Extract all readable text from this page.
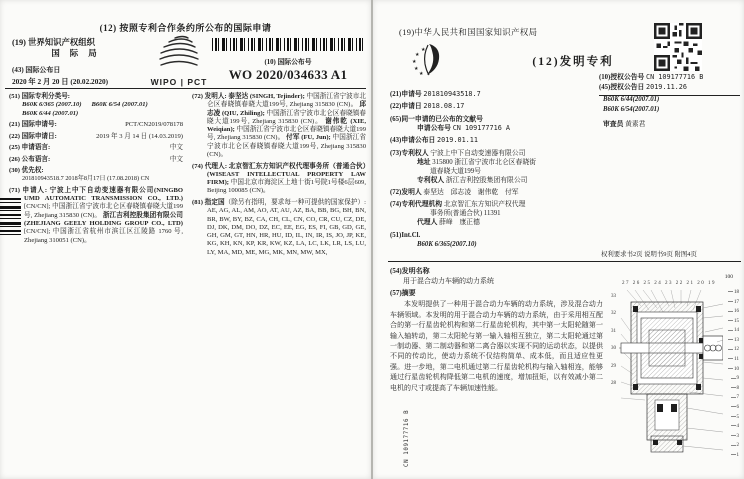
(12) 按照专利合作条约所公布的国际申请
(19) 世界知识产权组织
国 际 局
(43) 国际公布日
2020 年 2 月 20 日 (20.02.2020)	WIPO | PCT
(10) 国际公布号
WO 2020/034633 A1
(51) 国际专利分类号:
B60K 6/365 (2007.10)
B60K 6/44 (2007.01)
B60K 6/54 (2007.01)
(21) 国际申请号:	PCT/CN2019/078178
(22) 国际申请日:	2019 年 3 月 14 日 (14.03.2019)
(25) 申请语言:	中文
(26) 公布语言:	中文
(30) 优先权:
201810943518.7 2018年8月17日 (17.08.2018) CN

(71) 申请人: 宁波上中下自动变速器有限公司(NINGBO UMD AUTOMATIC TRANSMISSION CO., LTD.) [CN/CN]; 中国浙江省宁波市北仑区春晓镇春晓大道199号, Zhejiang 315830 (CN)。 浙江吉利控股集团有限公司 (ZHEJIANG GEELY HOLDING GROUP CO., LTD) [CN/CN]; 中国浙江省杭州市滨江区江陵路 1760 号, Zhejiang 310051 (CN)。

(72) 发明人: 泰坚达 (SINGH, Tejinder); 中国浙江省宁波市北仑区春晓镇春晓大道199号, Zhejiang 315830 (CN)。 邱志凌 (QIU, Zhiling); 中国浙江省宁波市北仑区春晓镇春晓大道199号, Zhejiang 315830 (CN)。 谢伟乾 (XIE, Weiqian); 中国浙江省宁波市北仑区春晓镇春晓大道199号, Zhejiang 315830 (CN)。 付军 (FU, Jun); 中国浙江省宁波市北仑区春晓镇春晓大道199号, Zhejiang 315830 (CN)。

(74) 代理人: 北京智汇东方知识产权代理事务所（普通合伙）(WISEAST INTELLECTUAL PROPERTY LAW FIRM); 中国北京市海淀区上地十街1号院1号楼6层609, Beijing 100085 (CN)。

(81) 指定国（除另有指明，要求每一种可提供的国家保护）: AE, AG, AL, AM, AO, AT, AU, AZ, BA, BB, BG, BH, BN, BR, BW, BY, BZ, CA, CH, CL, CN, CO, CR, CU, CZ, DE, DJ, DK, DM, DO, DZ, EC, EE, EG, ES, FI, GB, GD, GE, GH, GM, GT, HN, HR, HU, ID, IL, IN, IR, IS, JO, JP, KE, KG, KH, KN, KP, KR, KW, KZ, LA, LC, LK, LR, LS, LU, LY, MA, MD, ME, MG, MK, MN, MW, MX,

(19)中华人民共和国国家知识产权局
★
★
★
★
★
(12)发明专利
(10)授权公告号 CN 109177716 B
(45)授权公告日 2019.11.26
(21)申请号 201810943518.7
(22)申请日 2018.08.17
(65)同一申请的已公布的文献号
申请公布号 CN 109177716 A
(43)申请公布日 2019.01.11
(73)专利权人 宁波上中下自动变速器有限公司
地址 315800 浙江省宁波市北仑区春晓街
道春晓大道199号
专利权人 浙江吉利控股集团有限公司
(72)发明人 泰坚达　邱志凌　谢伟乾　付军
(74)专利代理机构 北京智汇东方知识产权代理
事务所(普通合伙) 11391
代理人 薛峰　康正德
(51)Int.Cl.
B60K 6/365(2007.10)
B60K 6/44(2007.01)
B60K 6/54(2007.01)
审查员 黄素君
权利要求书2页 说明书9页 附图4页
(54)发明名称
用于混合动力车辆的动力系统
(57)摘要

本发明提供了一种用于混合动力车辆的动力系统，涉及混合动力车辆领域。本发明的用于混合动力车辆的动力系统，由于采用相互配合的第一行星齿轮机构和第二行星齿轮机构，其中第一太阳轮随第一输入轴转动，第二太阳轮与第一输入轴相互独立，第二太阳轮通过第一制动器、第二制动器和第二离合器以实现不同的运动状态，以提供不同的传动比，使动力系统不仅结构简单、成本低，而且适应性更强。进一步地，第二电机通过第二行星齿轮机构与输入轴相连，能够通过行星齿轮机构降低第二电机的速度，增加扭矩，以有效减小第二电机的尺寸或提高了车辆加速性能。

100
27 26 25 24 23 22 21 20 19
33
32
31
30
29
28
18
17
16
15
14
13
12
11
10
9
8
7
6
5
4
3
2
1
CN 109177716 B
